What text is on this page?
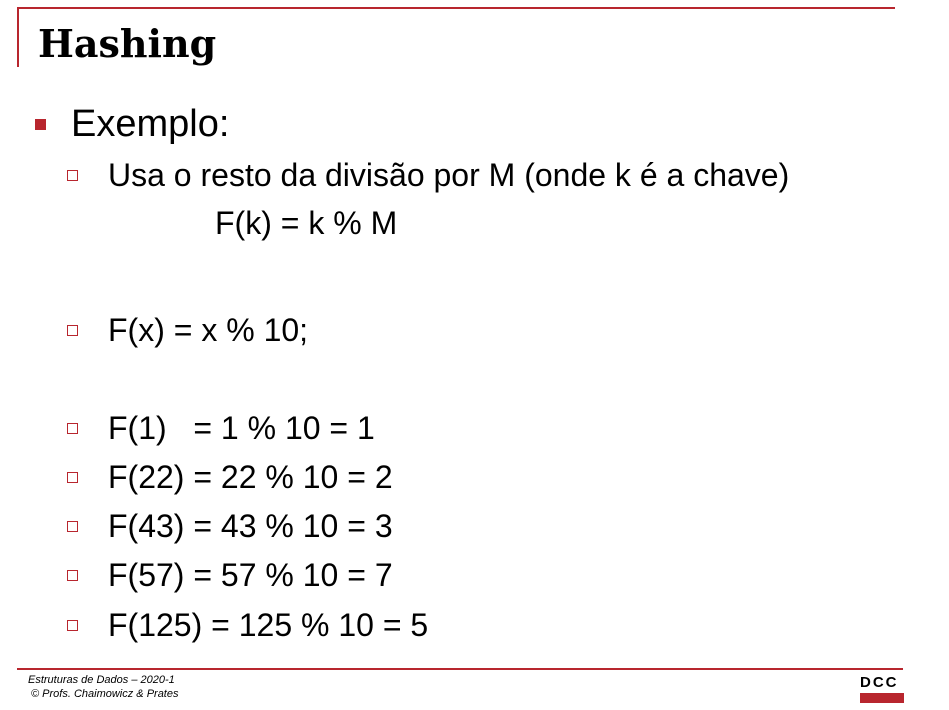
Hashing
Exemplo:
Usa o resto da divisão por M (onde k é a chave)
F(k) = k % M
F(x) = x % 10;
F(1)   = 1 % 10 = 1
F(22) = 22 % 10 = 2
F(43) = 43 % 10 = 3
F(57) = 57 % 10 = 7
F(125) = 125 % 10 = 5
Estruturas de Dados – 2020-1
© Profs. Chaimowicz & Prates
DCC
